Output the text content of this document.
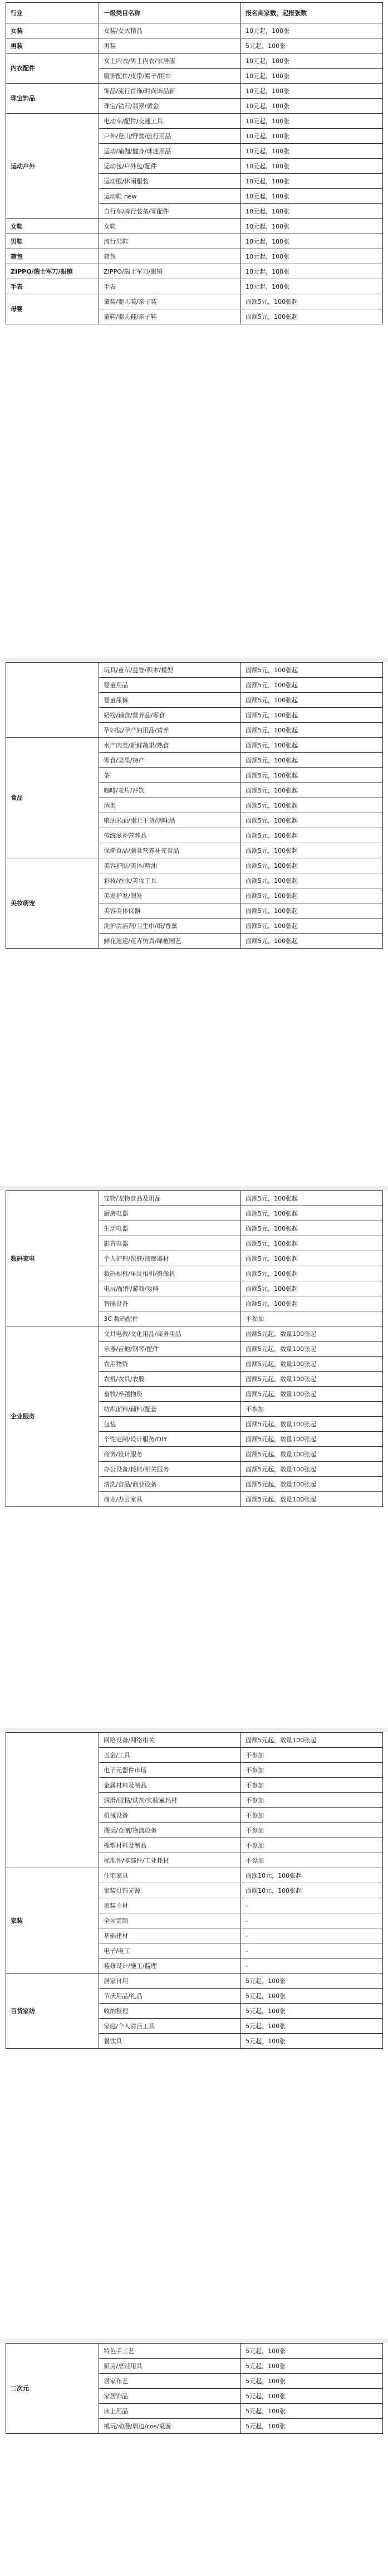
行业	一级类目名称	报名商家数，起报张数
女装	女装/女式精品	10元起，100张
男装	男装	5元起，100张
内衣配件	女士内衣/男士内衣/家居服	10元起，100张
	服饰配件/皮带/帽子/围巾	10元起，100张
珠宝饰品	饰品/流行首饰/时尚饰品新	10元起，100张
	珠宝/钻石/翡翠/黄金	10元起，100张
运动户外	电动车/配件/交通工具	10元起，100张
	户外/登山/野营/旅行用品	10元起，100张
	运动/瑜伽/健身/球迷用品	10元起，100张
	运动包/户外包/配件	10元起，100张
	运动服/休闲服装	10元起，100张
	运动鞋 new	10元起，100张
	自行车/骑行装备/零配件	10元起，100张
女鞋	女鞋	10元起，100张
男鞋	流行男鞋	10元起，100张
箱包	箱包	10元起，100张
ZIPPO/瑞士军刀/眼镜	ZIPPO/瑞士军刀/眼镜	10元起，100张
手表	手表	10元起，100张
母婴	童装/婴儿装/亲子装	面额5元，100张起
	童鞋/婴儿鞋/亲子鞋	面额5元，100张起
	玩具/童车/益智/积木/模型	面额5元，100张起
	婴童用品	面额5元，100张起
	婴童尿裤	面额5元，100张起
	奶粉/辅食/营养品/零食	面额5元，100张起
	孕妇装/孕产妇用品/营养	面额5元，100张起
食品	水产肉类/新鲜蔬果/熟食	面额5元，100张起
	零食/坚果/特产	面额5元，100张起
	茶	面额5元，100张起
	咖啡/麦片/冲饮	面额5元，100张起
	酒类	面额5元，100张起
	粮油米面/南北干货/调味品	面额5元，100张起
	传统滋补营养品	面额5元，100张起
	保健食品/膳食营养补充食品	面额5元，100张起
美妆萌宠	美容护肤/美体/精油	面额5元，100张起
	彩妆/香水/美妆工具	面额5元，100张起
	美发护发/假发	面额5元，100张起
	美容美体仪器	面额5元，100张起
	洗护清洁剂/卫生巾/纸/香薰	面额5元，100张起
	鲜花速递/花卉仿真/绿植园艺	面额5元，100张起
数码家电	宠物/宠物食品及用品	面额5元，100张起
	厨房电器	面额5元，100张起
	生活电器	面额5元，100张起
	影音电器	面额5元，100张起
	个人护理/保健/按摩器材	面额5元，100张起
	数码相机/单反相机/摄像机	面额5元，100张起
	电玩/配件/游戏/攻略	面额5元，100张起
	智能设备	面额5元，100张起
	3C 数码配件	不参加
企业服务	文具电教/文化用品/商务用品	面额5元起，数量100张起
	乐器/吉他/钢琴/配件	面额5元起，数量100张起
	农用物资	面额5元起，数量100张起
	农机/农具/农膜	面额5元起，数量100张起
	畜牧/养殖物资	面额5元起，数量100张起
	纺织面料/辅料/配套	不参加
	包装	面额5元起，数量100张起
	个性定制/设计服务/DIY	面额5元起，数量100张起
	商务/设计服务	面额5元起，数量100张起
	办公设备/耗材/相关服务	面额5元起，数量100张起
	清洗/食品/商业设备	面额5元起，数量100张起
	商业/办公家具	面额5元起，数量100张起
	网络设备/网络相关	面额5元起，数量100张起
	五金/工具	不参加
	电子元器件市场	不参加
	金属材料及制品	不参加
	润滑/胶粘/试剂/实验室耗材	不参加
	机械设备	不参加
	搬运/仓储/物流设备	不参加
	橡塑材料及制品	不参加
	标准件/零部件/工业耗材	不参加
家装	住宅家具	面额10元，100张起
	家装灯饰光源	面额10元，100张起
	家装主材	-
	全屋定制	-
	基础建材	-
	电子/电工	-
	装修设计/施工/监理	-
百货家纺	居家日用	5元起，100张
	节庆用品/礼品	5元起，100张
	收纳整理	5元起，100张
	家庭/个人清洁工具	5元起，100张
	餐饮具	5元起，100张
二次元	特色手工艺	5元起，100张
	厨房/烹饪用具	5元起，100张
	居家布艺	5元起，100张
	家居饰品	5元起，100张
	床上用品	5元起，100张
	模玩/动漫/周边/cos/桌游	5元起，100张
